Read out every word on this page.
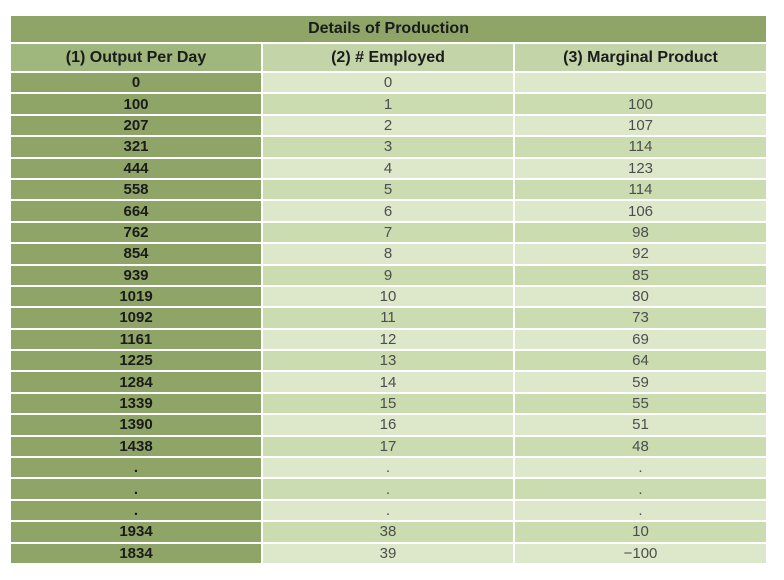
Details of Production		
(1) Output Per Day	(2) # Employed	(3) Marginal Product
0	0	
100	1	100
207	2	107
321	3	114
444	4	123
558	5	114
664	6	106
762	7	98
854	8	92
939	9	85
1019	10	80
1092	11	73
1161	12	69
1225	13	64
1284	14	59
1339	15	55
1390	16	51
1438	17	48
.	.	.
.	.	.
.	.	.
1934	38	10
1834	39	−100
